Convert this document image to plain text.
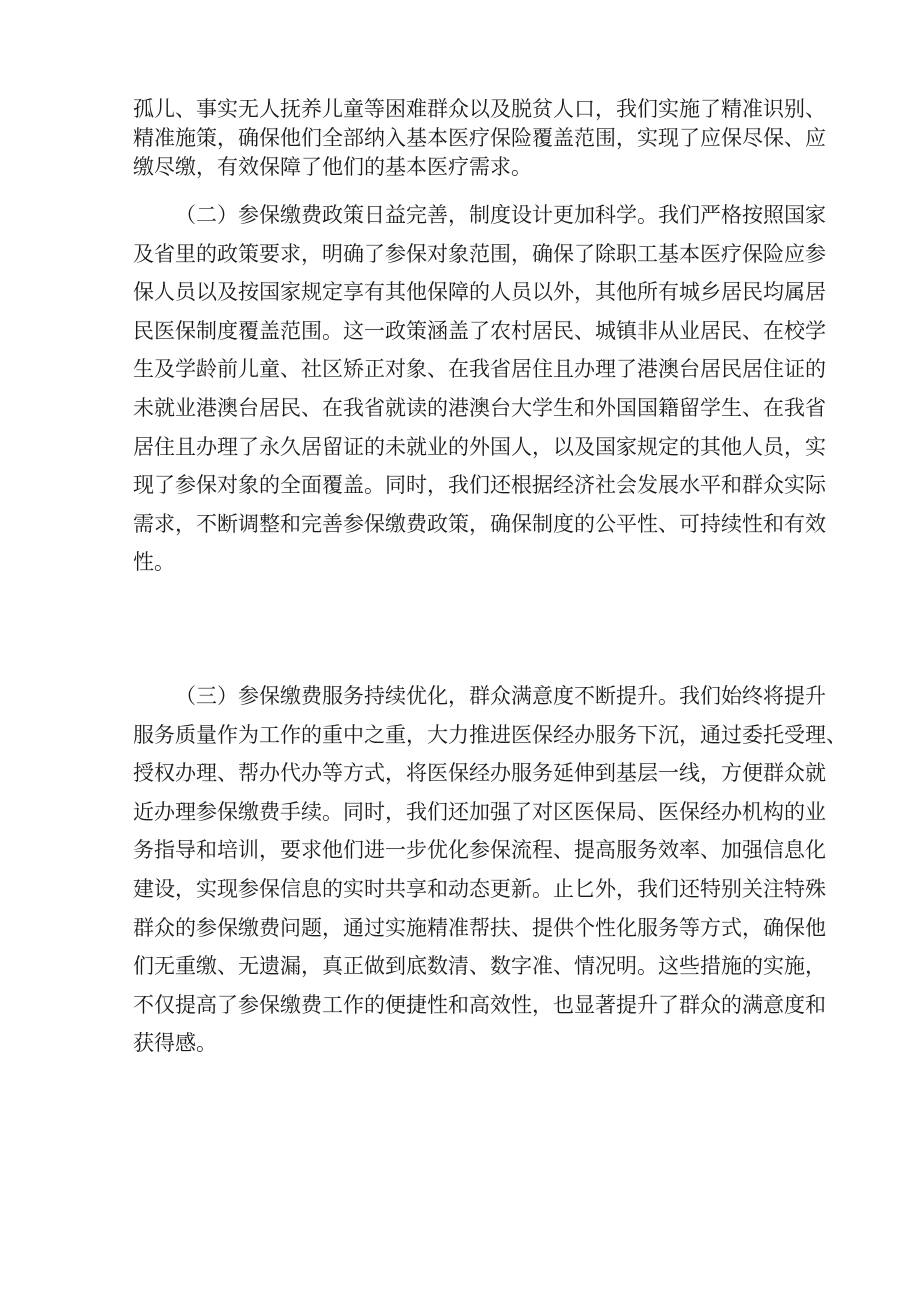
孤儿、事实无人抚养儿童等困难群众以及脱贫人口，我们实施了精准识别、
精准施策，确保他们全部纳入基本医疗保险覆盖范围，实现了应保尽保、应
缴尽缴，有效保障了他们的基本医疗需求。
（二）参保缴费政策日益完善，制度设计更加科学。我们严格按照国家
及省里的政策要求，明确了参保对象范围，确保了除职工基本医疗保险应参
保人员以及按国家规定享有其他保障的人员以外，其他所有城乡居民均属居
民医保制度覆盖范围。这一政策涵盖了农村居民、城镇非从业居民、在校学
生及学龄前儿童、社区矫正对象、在我省居住且办理了港澳台居民居住证的
未就业港澳台居民、在我省就读的港澳台大学生和外国国籍留学生、在我省
居住且办理了永久居留证的未就业的外国人，以及国家规定的其他人员，实
现了参保对象的全面覆盖。同时，我们还根据经济社会发展水平和群众实际
需求，不断调整和完善参保缴费政策，确保制度的公平性、可持续性和有效
性。
（三）参保缴费服务持续优化，群众满意度不断提升。我们始终将提升
服务质量作为工作的重中之重，大力推进医保经办服务下沉，通过委托受理、
授权办理、帮办代办等方式，将医保经办服务延伸到基层一线，方便群众就
近办理参保缴费手续。同时，我们还加强了对区医保局、医保经办机构的业
务指导和培训，要求他们进一步优化参保流程、提高服务效率、加强信息化
建设，实现参保信息的实时共享和动态更新。止匕外，我们还特别关注特殊
群众的参保缴费问题，通过实施精准帮扶、提供个性化服务等方式，确保他
们无重缴、无遗漏，真正做到底数清、数字准、情况明。这些措施的实施，
不仅提高了参保缴费工作的便捷性和高效性，也显著提升了群众的满意度和
获得感。
